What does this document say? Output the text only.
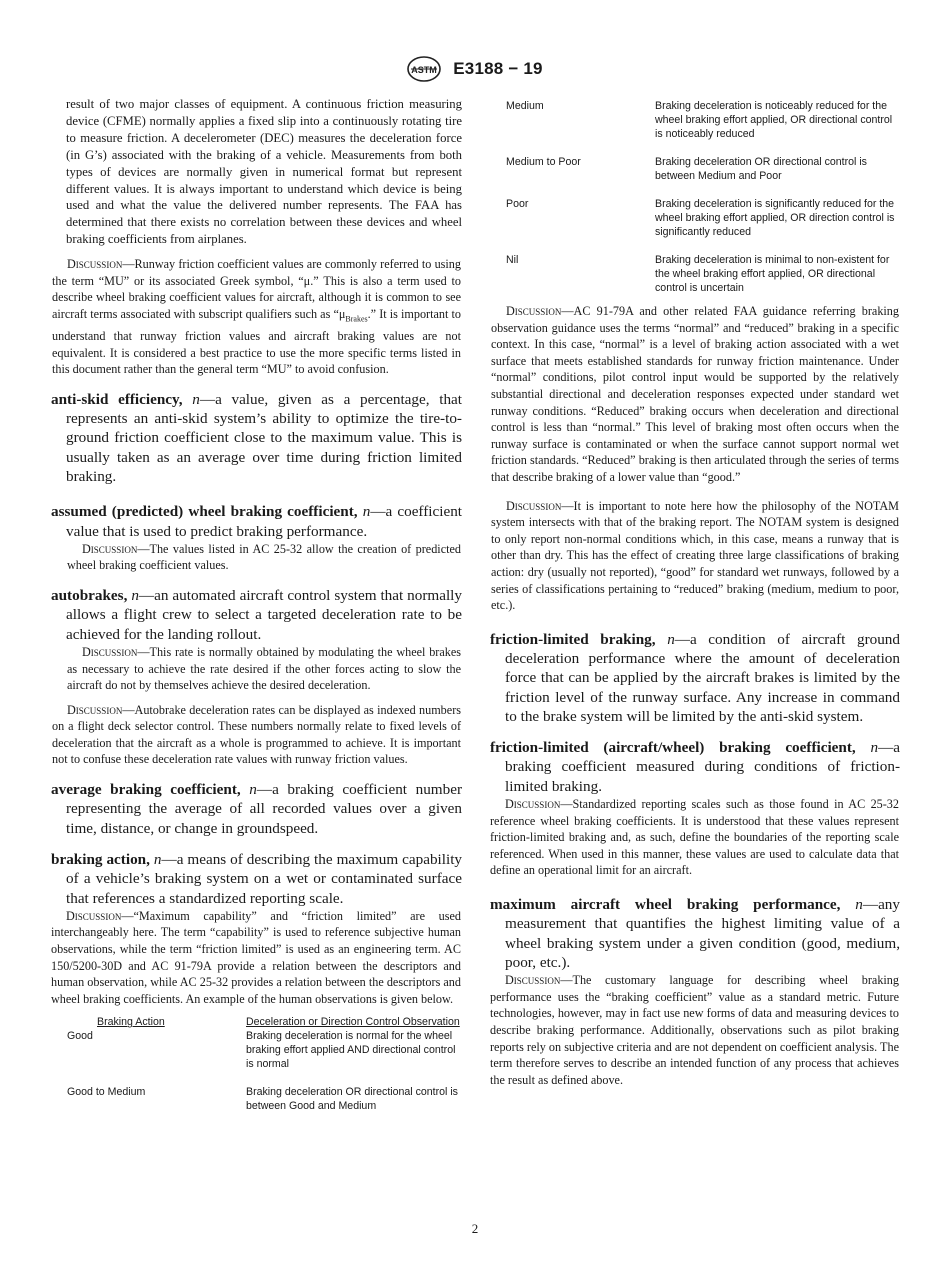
ASTM E3188 − 19

result of two major classes of equipment. A continuous friction measuring device (CFME) normally applies a fixed slip into a continuously rotating tire to measure friction. A decelerometer (DEC) measures the deceleration force (in G’s) associated with the braking of a vehicle. Measurements from both types of devices are normally given in numerical format but represent different values. It is always important to understand which device is being used and what the value the delivered number represents. The FAA has determined that there exists no correlation between these devices and wheel braking coefficients from airplanes.

Discussion—Runway friction coefficient values are commonly referred to using the term “MU” or its associated Greek symbol, “μ.” This is also a term used to describe wheel braking coefficient values for aircraft, although it is common to see aircraft terms associated with subscript qualifiers such as “$\mu_{Brakes}$.” It is important to understand that runway friction values and aircraft braking values are not equivalent. It is considered a best practice to use the more specific terms listed in this document rather than the general term “MU” to avoid confusion.

anti-skid efficiency, n—a value, given as a percentage, that represents an anti-skid system’s ability to optimize the tire-to-ground friction coefficient close to the maximum value. This is usually taken as an average over time during friction limited braking.

assumed (predicted) wheel braking coefficient, n—a coefficient value that is used to predict braking performance.

Discussion—The values listed in AC 25-32 allow the creation of predicted wheel braking coefficient values.

autobrakes, n—an automated aircraft control system that normally allows a flight crew to select a targeted deceleration rate to be achieved for the landing rollout.

Discussion—This rate is normally obtained by modulating the wheel brakes as necessary to achieve the rate desired if the other forces acting to slow the aircraft do not by themselves achieve the desired deceleration.

Discussion—Autobrake deceleration rates can be displayed as indexed numbers on a flight deck selector control. These numbers normally relate to fixed levels of deceleration that the aircraft as a whole is programmed to achieve. It is important not to confuse these deceleration rate values with runway friction values.

average braking coefficient, n—a braking coefficient number representing the average of all recorded values over a given time, distance, or change in groundspeed.

braking action, n—a means of describing the maximum capability of a vehicle’s braking system on a wet or contaminated surface that references a standardized reporting scale.

Discussion—“Maximum capability” and “friction limited” are used interchangeably here. The term “capability” is used to reference subjective human observations, while the term “friction limited” is used as an engineering term. AC 150/5200-30D and AC 91-79A provide a relation between the descriptors and human observation, while AC 25-32 provides a relation between the descriptors and wheel braking coefficients. An example of the human observations is given below.

Braking Action	Deceleration or Direction Control Observation
Good	Braking deceleration is normal for the wheel braking effort applied AND directional control is normal

Good to Medium	Braking deceleration OR directional control is between Good and Medium
Medium	Braking deceleration is noticeably reduced for the wheel braking effort applied, OR directional control is noticeably reduced

Medium to Poor	Braking deceleration OR directional control is between Medium and Poor

Poor	Braking deceleration is significantly reduced for the wheel braking effort applied, OR direction control is significantly reduced

Nil	Braking deceleration is minimal to non-existent for the wheel braking effort applied, OR directional control is uncertain

Discussion—AC 91-79A and other related FAA guidance referring braking observation guidance uses the terms “normal” and “reduced” braking in a specific context. In this case, “normal” is a level of braking action associated with a wet surface that meets established standards for runway friction maintenance. Under “normal” conditions, pilot control input would be supported by the relatively substantial directional and deceleration responses expected under standard wet runway conditions. “Reduced” braking occurs when deceleration and directional control is less than “normal.” This level of braking most often occurs when the runway surface is contaminated or when the surface cannot support normal wet friction standards. “Reduced” braking is then articulated through the series of terms that describe braking of a lower value than “good.”

Discussion—It is important to note here how the philosophy of the NOTAM system intersects with that of the braking report. The NOTAM system is designed to only report non-normal conditions which, in this case, means a runway that is other than dry. This has the effect of creating three large classifications of braking action: dry (usually not reported), “good” for standard wet runways, followed by a series of classifications pertaining to “reduced” braking (medium, medium to poor, etc.).

friction-limited braking, n—a condition of aircraft ground deceleration performance where the amount of deceleration force that can be applied by the aircraft brakes is limited by the friction level of the runway surface. Any increase in command to the brake system will be limited by the anti-skid system.

friction-limited (aircraft/wheel) braking coefficient, n—a braking coefficient measured during conditions of friction-limited braking.

Discussion—Standardized reporting scales such as those found in AC 25-32 reference wheel braking coefficients. It is understood that these values represent friction-limited braking and, as such, define the boundaries of the reporting scale referenced. When used in this manner, these values are used to calculate data that define an operational limit for an aircraft.

maximum aircraft wheel braking performance, n—any measurement that quantifies the highest limiting value of a wheel braking system under a given condition (good, medium, poor, etc.).

Discussion—The customary language for describing wheel braking performance uses the “braking coefficient” value as a standard metric. Future technologies, however, may in fact use new forms of data and measuring devices to describe braking performance. Additionally, observations such as pilot braking reports rely on subjective criteria and are not dependent on coefficient analysis. The term therefore serves to describe an intended function of any process that achieves the result as defined above.

2
